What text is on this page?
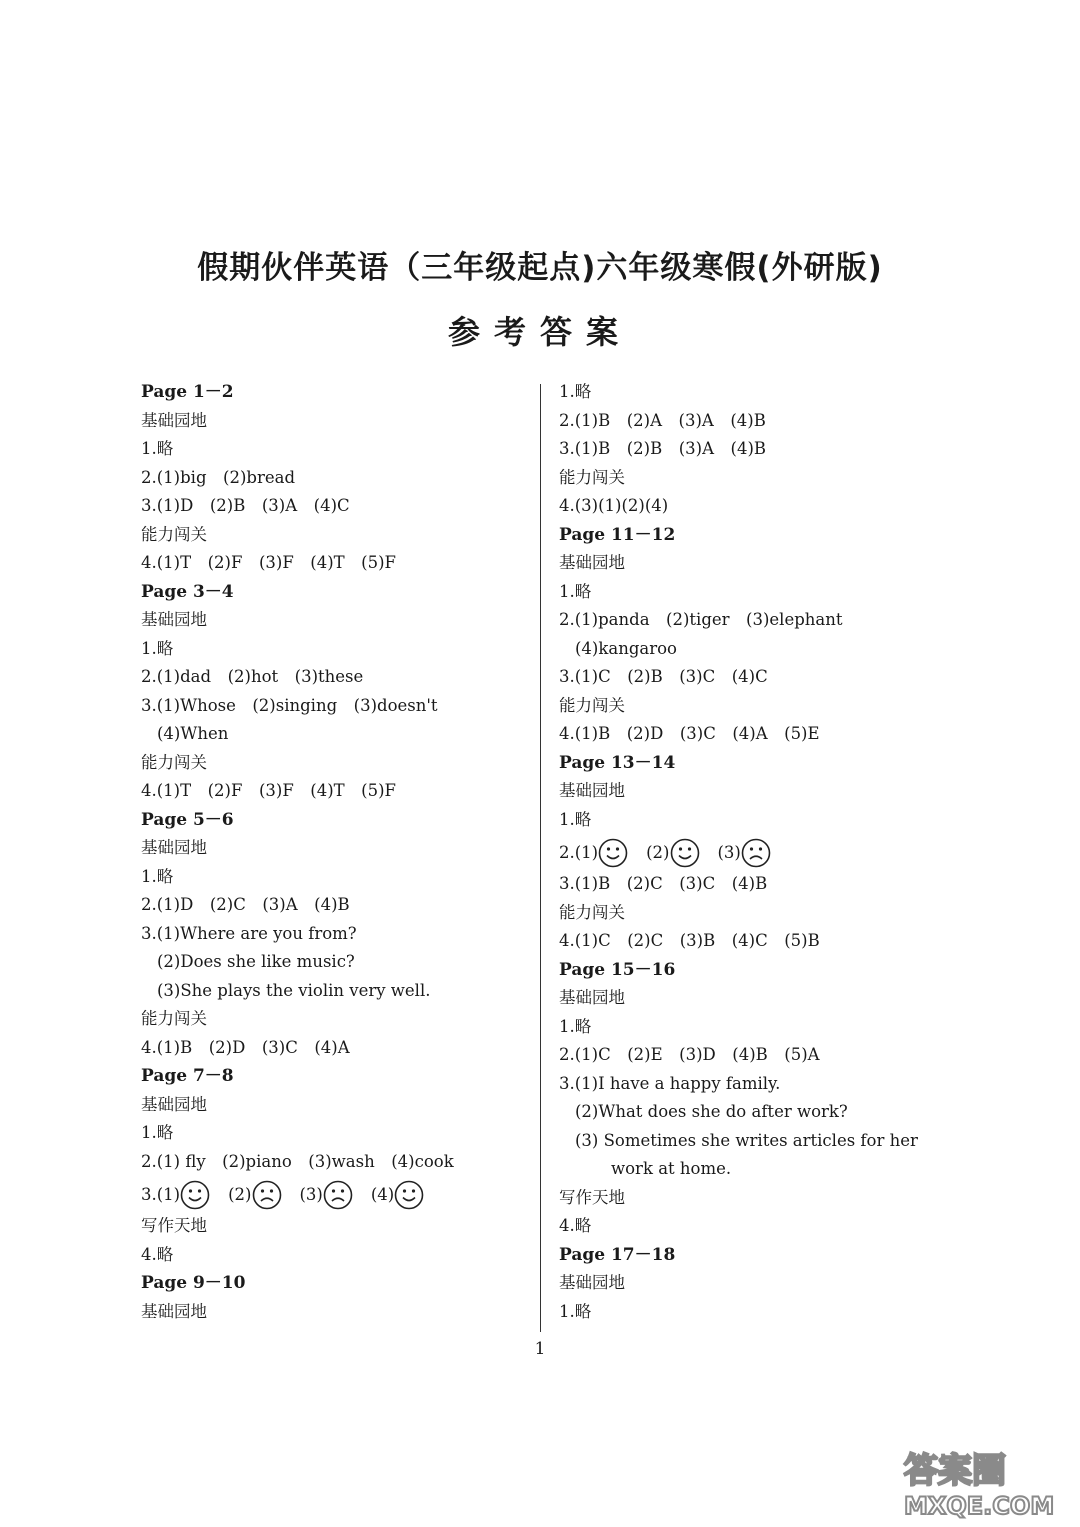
假期伙伴英语（三年级起点)六年级寒假(外研版)
参考答案
Page 1－2
基础园地
1.略
2.(1)big　(2)bread
3.(1)D　(2)B　(3)A　(4)C
能力闯关
4.(1)T　(2)F　(3)F　(4)T　(5)F
Page 3－4
基础园地
1.略
2.(1)dad　(2)hot　(3)these
3.(1)Whose　(2)singing　(3)doesn't
(4)When
能力闯关
4.(1)T　(2)F　(3)F　(4)T　(5)F
Page 5－6
基础园地
1.略
2.(1)D　(2)C　(3)A　(4)B
3.(1)Where are you from?
(2)Does she like music?
(3)She plays the violin very well.
能力闯关
4.(1)B　(2)D　(3)C　(4)A
Page 7－8
基础园地
1.略
2.(1) fly　(2)piano　(3)wash　(4)cook
3.(1)	(2)	(3)	(4)
写作天地
4.略
Page 9－10
基础园地
1.略
2.(1)B　(2)A　(3)A　(4)B
3.(1)B　(2)B　(3)A　(4)B
能力闯关
4.(3)(1)(2)(4)
Page 11－12
基础园地
1.略
2.(1)panda　(2)tiger　(3)elephant
(4)kangaroo
3.(1)C　(2)B　(3)C　(4)C
能力闯关
4.(1)B　(2)D　(3)C　(4)A　(5)E
Page 13－14
基础园地
1.略
2.(1)	(2)	(3)
3.(1)B　(2)C　(3)C　(4)B
能力闯关
4.(1)C　(2)C　(3)B　(4)C　(5)B
Page 15－16
基础园地
1.略
2.(1)C　(2)E　(3)D　(4)B　(5)A
3.(1)I have a happy family.
(2)What does she do after work?
(3) Sometimes she writes articles for her
work at home.
写作天地
4.略
Page 17－18
基础园地
1.略
1
答案圈
MXQE.COM
